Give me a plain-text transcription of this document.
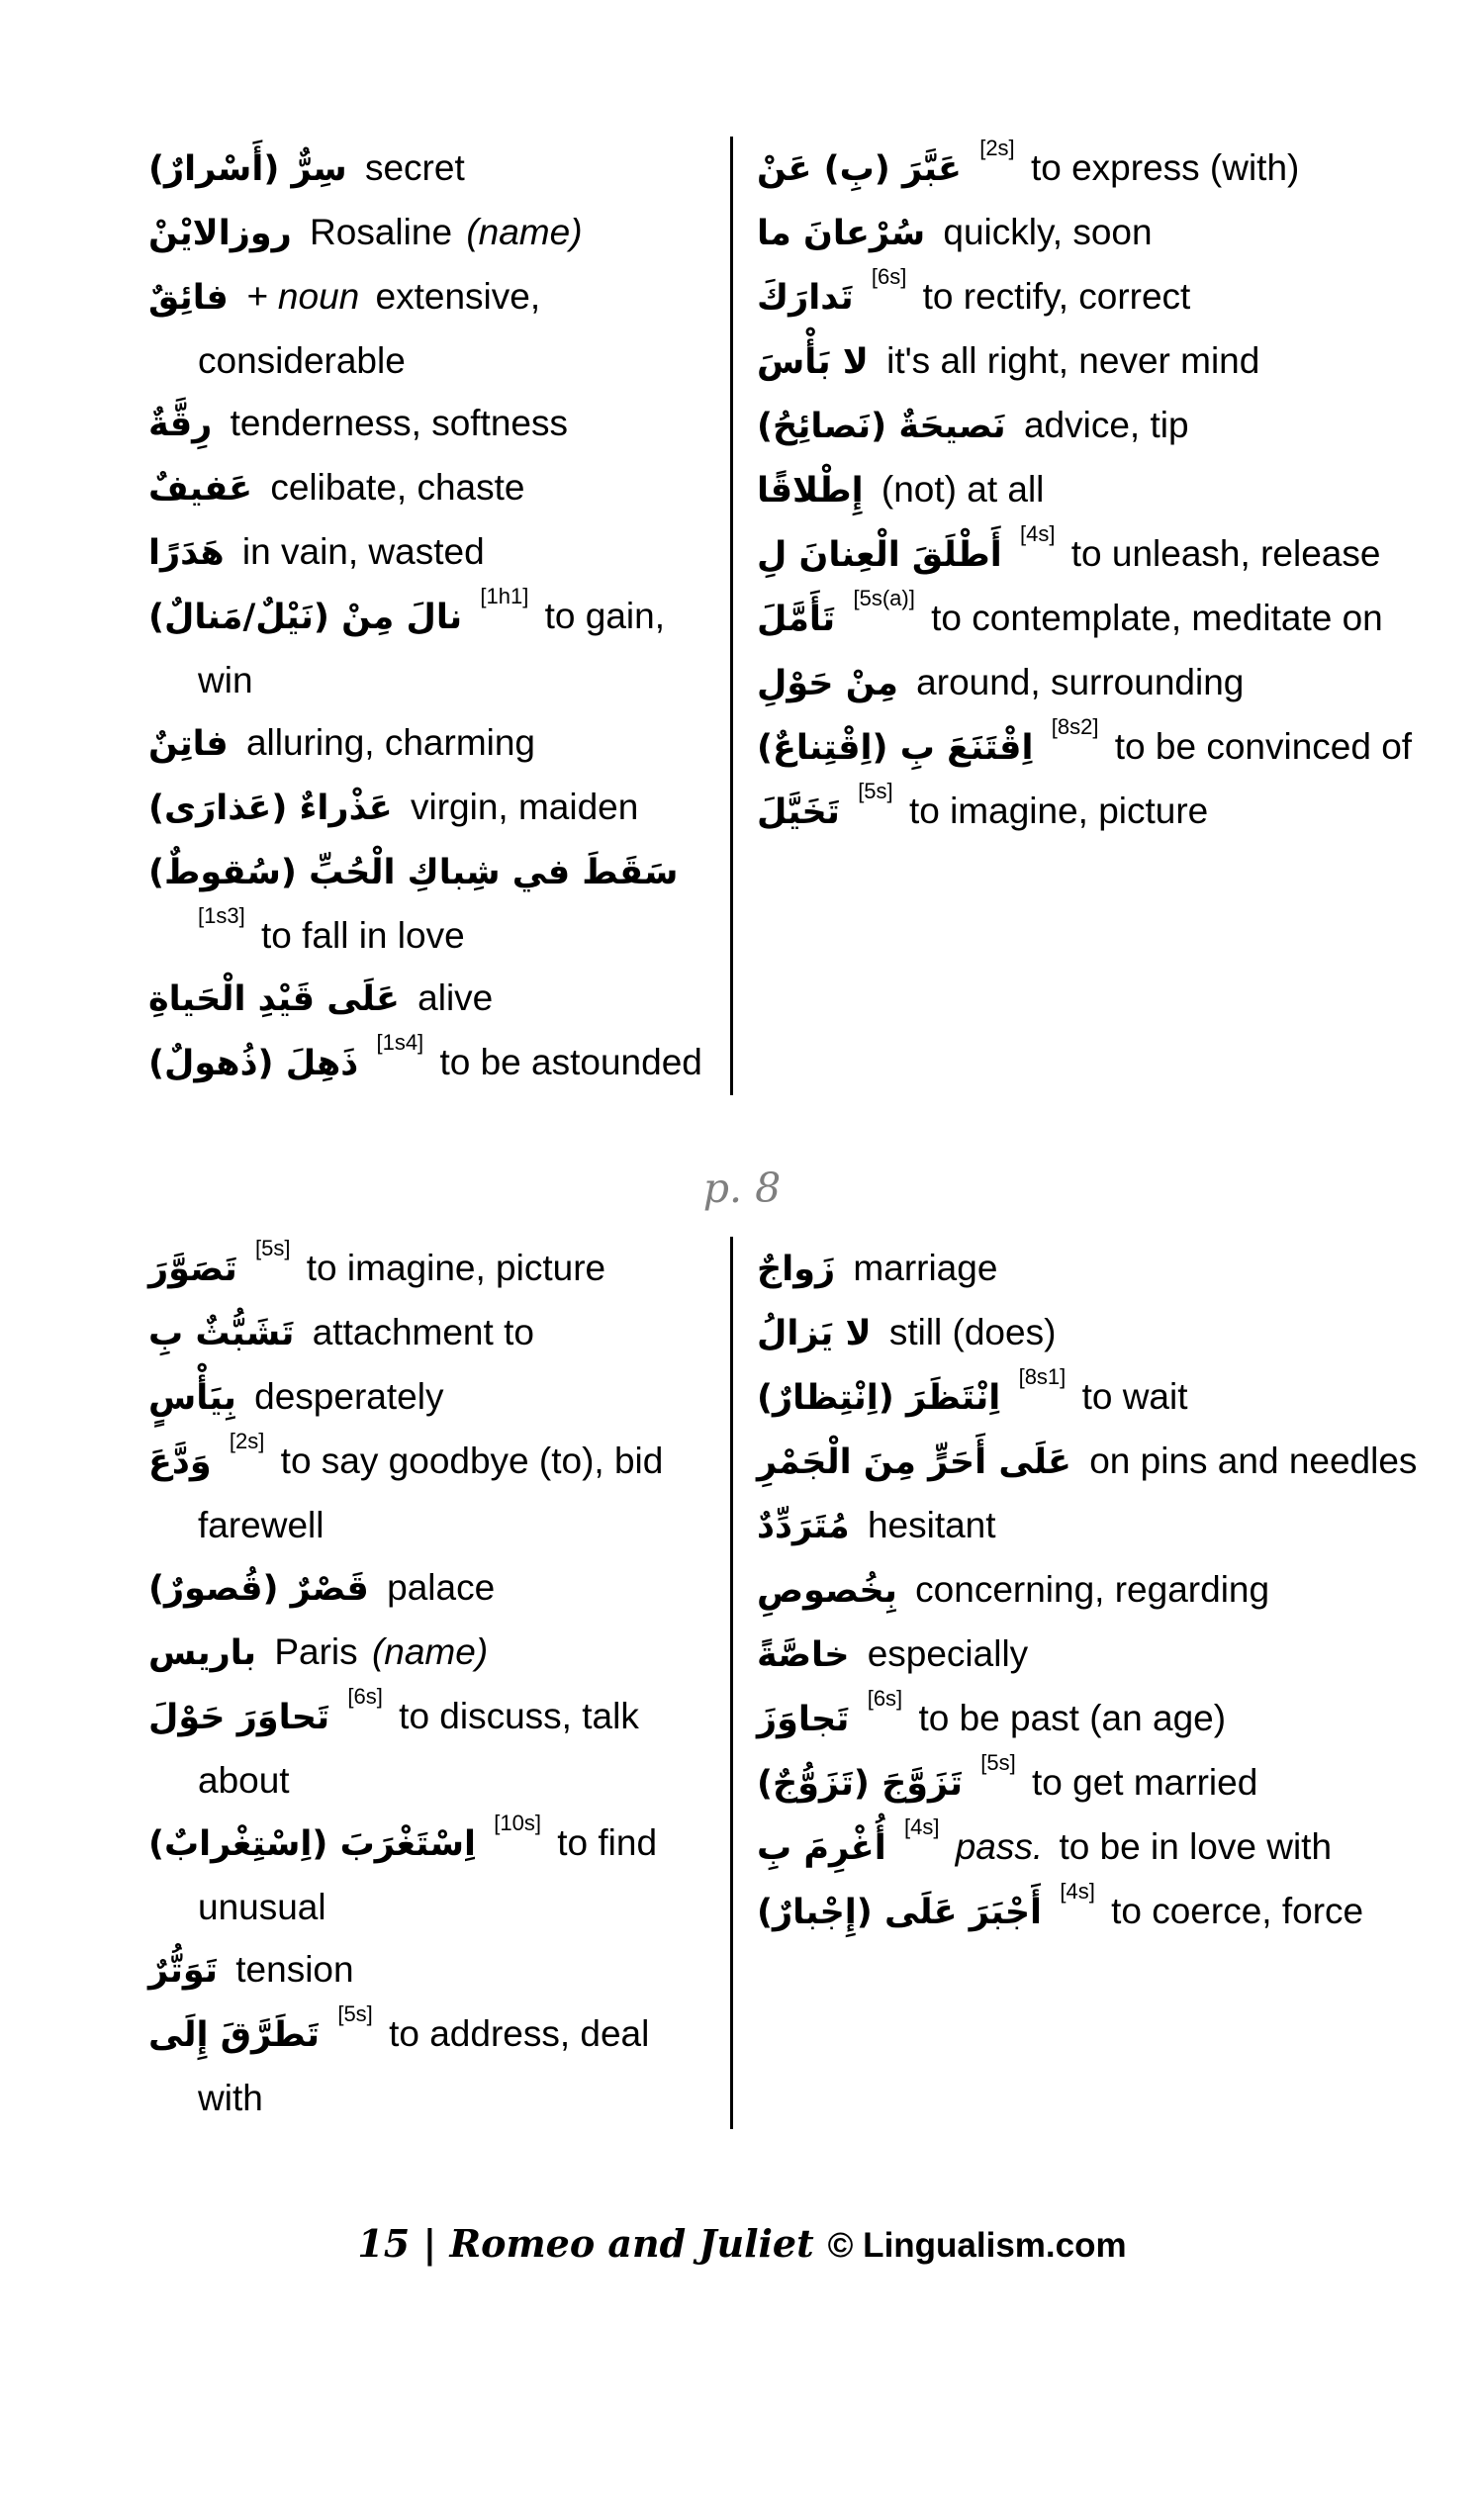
سِرٌّ (أَسْرارٌ) secret
روزالايْنْ Rosaline (name)
فائِقٌ + noun extensive, considerable
رِقَّةٌ tenderness, softness
عَفيفٌ celibate, chaste
هَدَرًا in vain, wasted
نالَ مِنْ (نَيْلٌ/مَنالٌ) [1h1] to gain, win
فاتِنٌ alluring, charming
عَذْراءٌ (عَذارَى) virgin, maiden
سَقَطَ في شِباكِ الْحُبِّ (سُقوطٌ) [1s3] to fall in love
عَلَى قَيْدِ الْحَياةِ alive
ذَهِلَ (ذُهولٌ) [1s4] to be astounded
عَبَّرَ (بِ) عَنْ [2s] to express (with)
سُرْعانَ ما quickly, soon
تَدارَكَ [6s] to rectify, correct
لا بَأْسَ it's all right, never mind
نَصيحَةٌ (نَصائِحُ) advice, tip
إِطْلاقًا (not) at all
أَطْلَقَ الْعِنانَ لِ [4s] to unleash, release
تَأَمَّلَ [5s(a)] to contemplate, meditate on
مِنْ حَوْلِ around, surrounding
اِقْتَنَعَ بِ (اِقْتِناعٌ) [8s2] to be convinced of
تَخَيَّلَ [5s] to imagine, picture
p. 8
تَصَوَّرَ [5s] to imagine, picture
تَشَبُّثٌ بِ attachment to
بِيَأْسٍ desperately
وَدَّعَ [2s] to say goodbye (to), bid farewell
قَصْرٌ (قُصورٌ) palace
باريس Paris (name)
تَحاوَرَ حَوْلَ [6s] to discuss, talk about
اِسْتَغْرَبَ (اِسْتِغْرابٌ) [10s] to find unusual
تَوَتُّرٌ tension
تَطَرَّقَ إِلَى [5s] to address, deal with
زَواجٌ marriage
لا يَزالُ still (does)
اِنْتَظَرَ (اِنْتِظارٌ) [8s1] to wait
عَلَى أَحَرٍّ مِنَ الْجَمْرِ on pins and needles
مُتَرَدِّدٌ hesitant
بِخُصوصِ concerning, regarding
خاصَّةً especially
تَجاوَزَ [6s] to be past (an age)
تَزَوَّجَ (تَزَوُّجٌ) [5s] to get married
أُغْرِمَ بِ [4s] pass. to be in love with
أَجْبَرَ عَلَى (إِجْبارٌ) [4s] to coerce, force
15 | Romeo and Juliet © Lingualism.com
